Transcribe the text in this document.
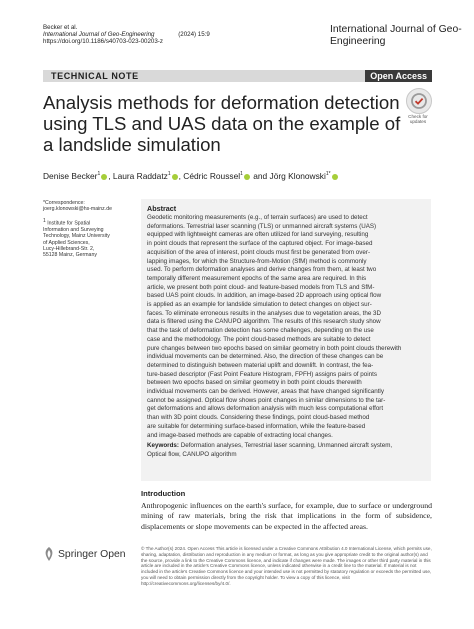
Becker et al.
International Journal of Geo-Engineering	(2024) 15:9
https://doi.org/10.1186/s40703-023-00203-z
International Journal of Geo-Engineering
TECHNICAL NOTE	Open Access
Analysis methods for deformation detection using TLS and UAS data on the example of a landslide simulation
Check for updates
Denise Becker$^1$ , Laura Raddatz$^1$ , Cédric Roussel$^1$ and Jörg Klonowski$^{1*}$
*Correspondence:
joerg.klonowski@hs-mainz.de
1 Institute for Spatial
Information and Surveying
Technology, Mainz University
of Applied Sciences,
Lucy-Hillebrand-Str. 2,
55128 Mainz, Germany
Abstract
Geodetic monitoring measurements (e.g., of terrain surfaces) are used to detect
deformations. Terrestrial laser scanning (TLS) or unmanned aircraft systems (UAS)
equipped with lightweight cameras are often utilized for land surveying, resulting
in point clouds that represent the surface of the captured object. For image-based
acquisition of the area of interest, point clouds must first be generated from over-
lapping images, for which the Structure-from-Motion (SfM) method is commonly
used. To perform deformation analyses and derive changes from them, at least two
temporally different measurement epochs of the same area are required. In this
article, we present both point cloud- and feature-based models from TLS and SfM-
based UAS point clouds. In addition, an image-based 2D approach using optical flow
is applied as an example for landslide simulation to detect changes on object sur-
faces. To eliminate erroneous results in the analyses due to vegetation areas, the 3D
data is filtered using the CANUPO algorithm. The results of this research study show
that the task of deformation detection has some challenges, depending on the use
case and the methodology. The point cloud-based methods are suitable to detect
pure changes between two epochs based on similar geometry in both point clouds therewith
individual movements can be determined. Also, the direction of these changes can be
determined to distinguish between material uplift and downlift. In contrast, the fea-
ture-based descriptor (Fast Point Feature Histogram, FPFH) assigns pairs of points
between two epochs based on similar geometry in both point clouds therewith
individual movements can be derived. However, areas that have changed significantly
cannot be assigned. Optical flow shows point changes in similar dimensions to the tar-
get deformations and allows deformation analysis with much less computational effort
than with 3D point clouds. Considering these findings, point cloud-based method
are suitable for determining surface-based information, while the feature-based
and image-based methods are capable of extracting local changes.
Keywords: Deformation analyses, Terrestrial laser scanning, Unmanned aircraft system,
Optical flow, CANUPO algorithm
Introduction
Anthropogenic influences on the earth's surface, for example, due to surface or underground mining of raw materials, bring the risk that implications in the form of subsidence, displacements or slope movements can be expected in the affected areas.
Springer Open	© The Author(s) 2024. Open Access This article is licensed under a Creative Commons Attribution 4.0 International License, which permits use, sharing, adaptation, distribution and reproduction in any medium or format, as long as you give appropriate credit to the original author(s) and the source, provide a link to the Creative Commons licence, and indicate if changes were made. The images or other third party material in this article are included in the article's Creative Commons licence, unless indicated otherwise in a credit line to the material. If material is not included in the article's Creative Commons licence and your intended use is not permitted by statutory regulation or exceeds the permitted use, you will need to obtain permission directly from the copyright holder. To view a copy of this licence, visit http://creativecommons.org/licenses/by/4.0/.
